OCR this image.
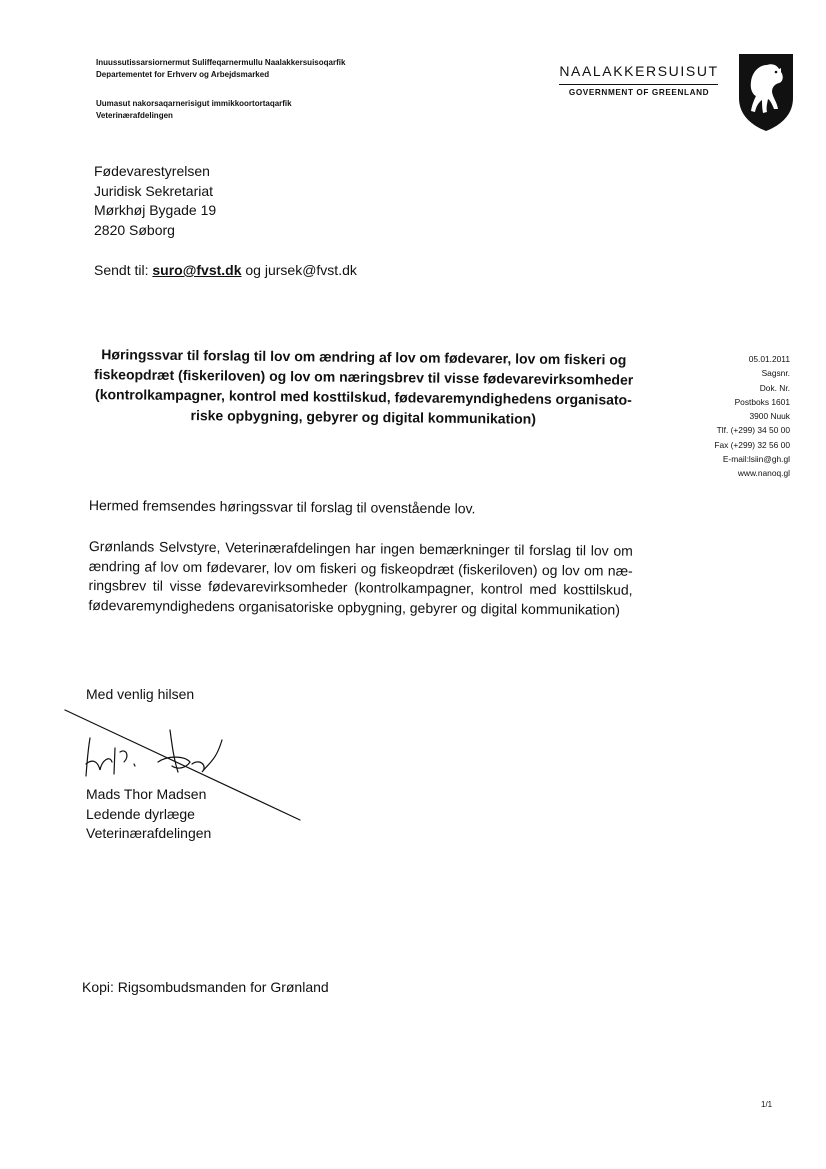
Inuussutissarsiornermut Suliffeqarnermullu Naalakkersuisoqarfik
Departementet for Erhverv og Arbejdsmarked
Uumasut nakorsaqarnerisigut immikkoortortaqarfik
Veterinærafdelingen
NAALAKKERSUISUT
GOVERNMENT OF GREENLAND
Fødevarestyrelsen
Juridisk Sekretariat
Mørkhøj Bygade 19
2820 Søborg
Sendt til: suro@fvst.dk og jursek@fvst.dk
Høringssvar til forslag til lov om ændring af lov om fødevarer, lov om fiskeri og
fiskeopdræt (fiskeriloven) og lov om næringsbrev til visse fødevarevirksomheder
(kontrolkampagner, kontrol med kosttilskud, fødevaremyndighedens organisato-
riske opbygning, gebyrer og digital kommunikation)
05.01.2011
Sagsnr.
Dok. Nr.
Postboks 1601
3900 Nuuk
Tlf. (+299) 34 50 00
Fax (+299) 32 56 00
E-mail:lsiin@gh.gl
www.nanoq.gl
Hermed fremsendes høringssvar til forslag til ovenstående lov.
Grønlands Selvstyre, Veterinærafdelingen har ingen bemærkninger til forslag til lov om ændring af lov om fødevarer, lov om fiskeri og fiskeopdræt (fiskeriloven) og lov om næ-ringsbrev til visse fødevarevirksomheder (kontrolkampagner, kontrol med kosttilskud, fødevaremyndighedens organisatoriske opbygning, gebyrer og digital kommunikation)
Med venlig hilsen
Mads Thor Madsen
Ledende dyrlæge
Veterinærafdelingen
Kopi: Rigsombudsmanden for Grønland
1/1
